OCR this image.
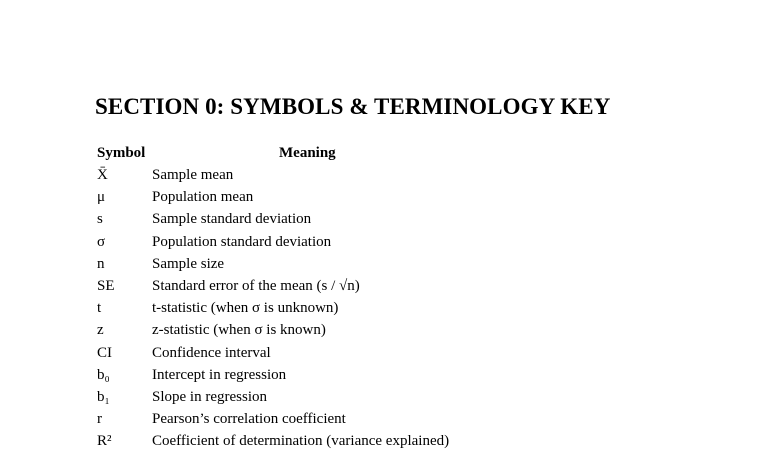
SECTION 0: SYMBOLS & TERMINOLOGY KEY
Symbol	Meaning
X̄	Sample mean
μ	Population mean
s	Sample standard deviation
σ	Population standard deviation
n	Sample size
SE Standard error of the mean (s / √n)
t	t-statistic (when σ is unknown)
z	z-statistic (when σ is known)
CI	Confidence interval
b₀	Intercept in regression
b₁	Slope in regression
r	Pearson’s correlation coefficient
R²	Coefficient of determination (variance explained)
